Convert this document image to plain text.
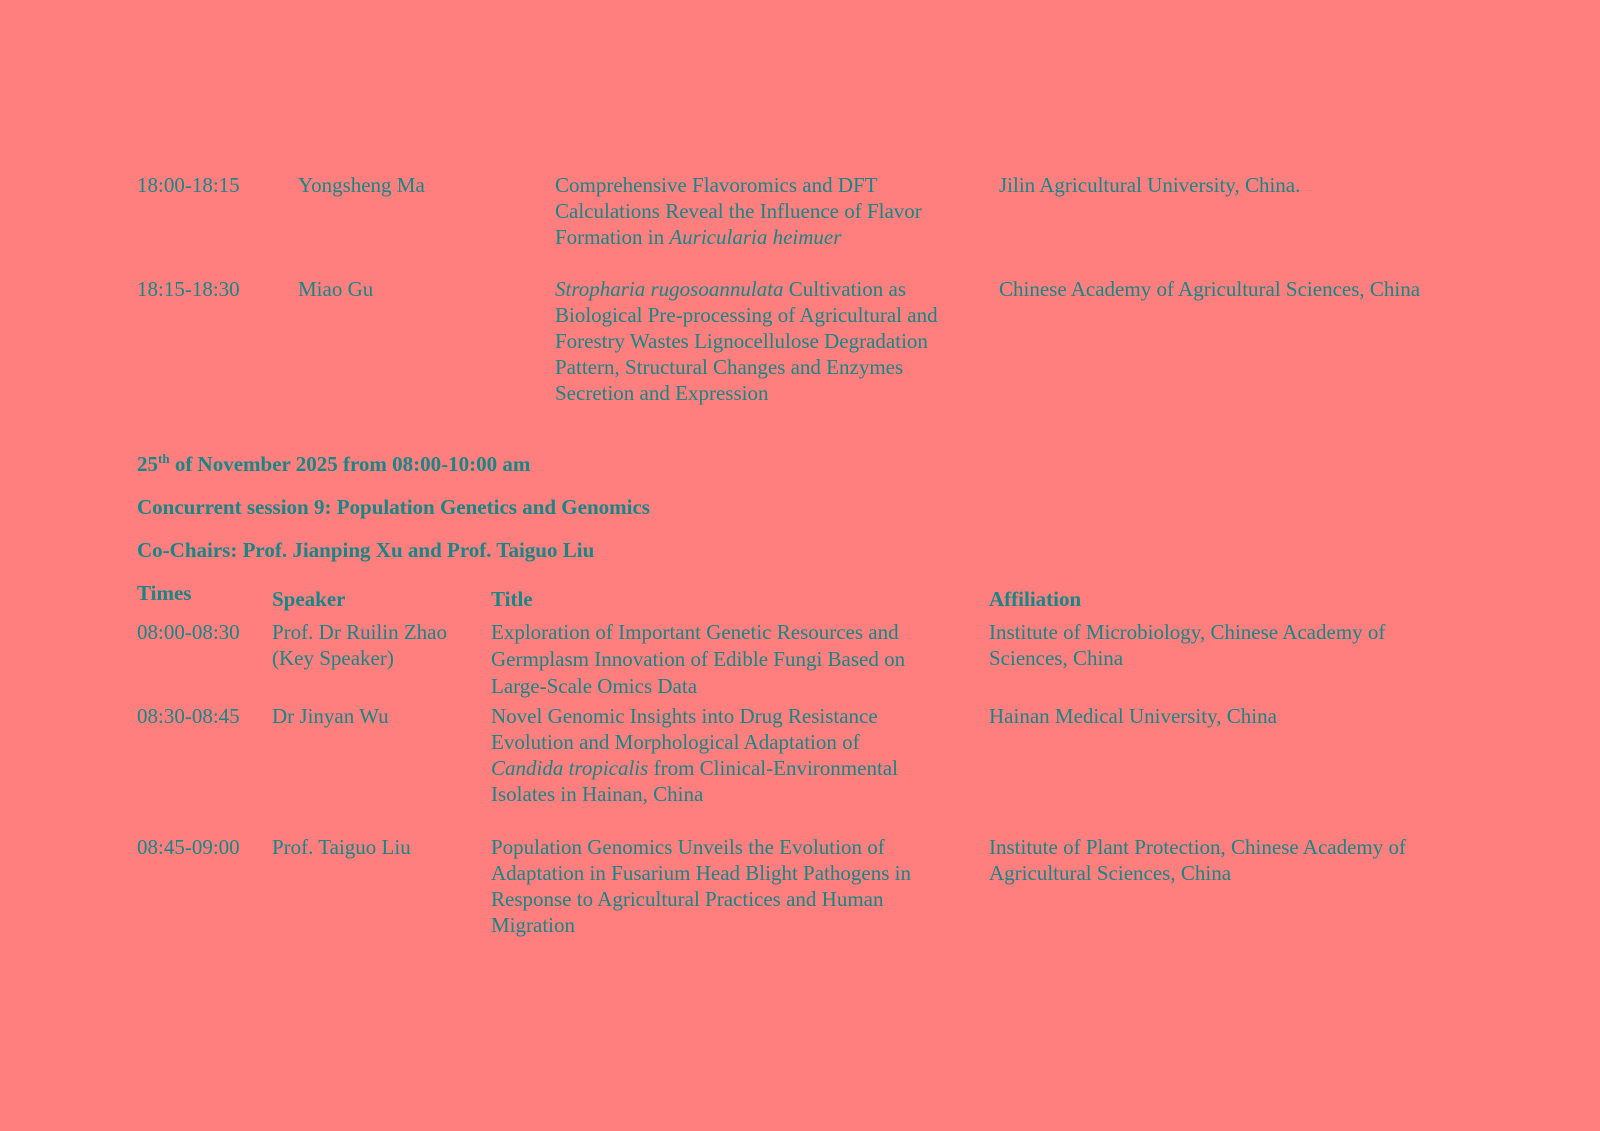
18:00-18:15	Yongsheng Ma	Comprehensive Flavoromics and DFT
Calculations Reveal the Influence of Flavor
Formation in Auricularia heimuer
Jilin Agricultural University, China.
18:15-18:30	Miao Gu	Stropharia rugosoannulata Cultivation as
Biological Pre-processing of Agricultural and
Forestry Wastes Lignocellulose Degradation
Pattern, Structural Changes and Enzymes
Secretion and Expression
Chinese Academy of Agricultural Sciences, China
25th of November 2025 from 08:00-10:00 am
Concurrent session 9: Population Genetics and Genomics
Co-Chairs: Prof. Jianping Xu and Prof. Taiguo Liu
Times	Speaker	Title	Affiliation
08:00-08:30 Prof. Dr Ruilin Zhao
(Key Speaker)
Exploration of Important Genetic Resources and
Germplasm Innovation of Edible Fungi Based on
Large-Scale Omics Data
Institute of Microbiology, Chinese Academy of
Sciences, China
08:30-08:45 Dr Jinyan Wu	Novel Genomic Insights into Drug Resistance
Evolution and Morphological Adaptation of
Candida tropicalis from Clinical-Environmental
Isolates in Hainan, China
Hainan Medical University, China
08:45-09:00 Prof. Taiguo Liu	Population Genomics Unveils the Evolution of
Adaptation in Fusarium Head Blight Pathogens in
Response to Agricultural Practices and Human
Migration
Institute of Plant Protection, Chinese Academy of
Agricultural Sciences, China
